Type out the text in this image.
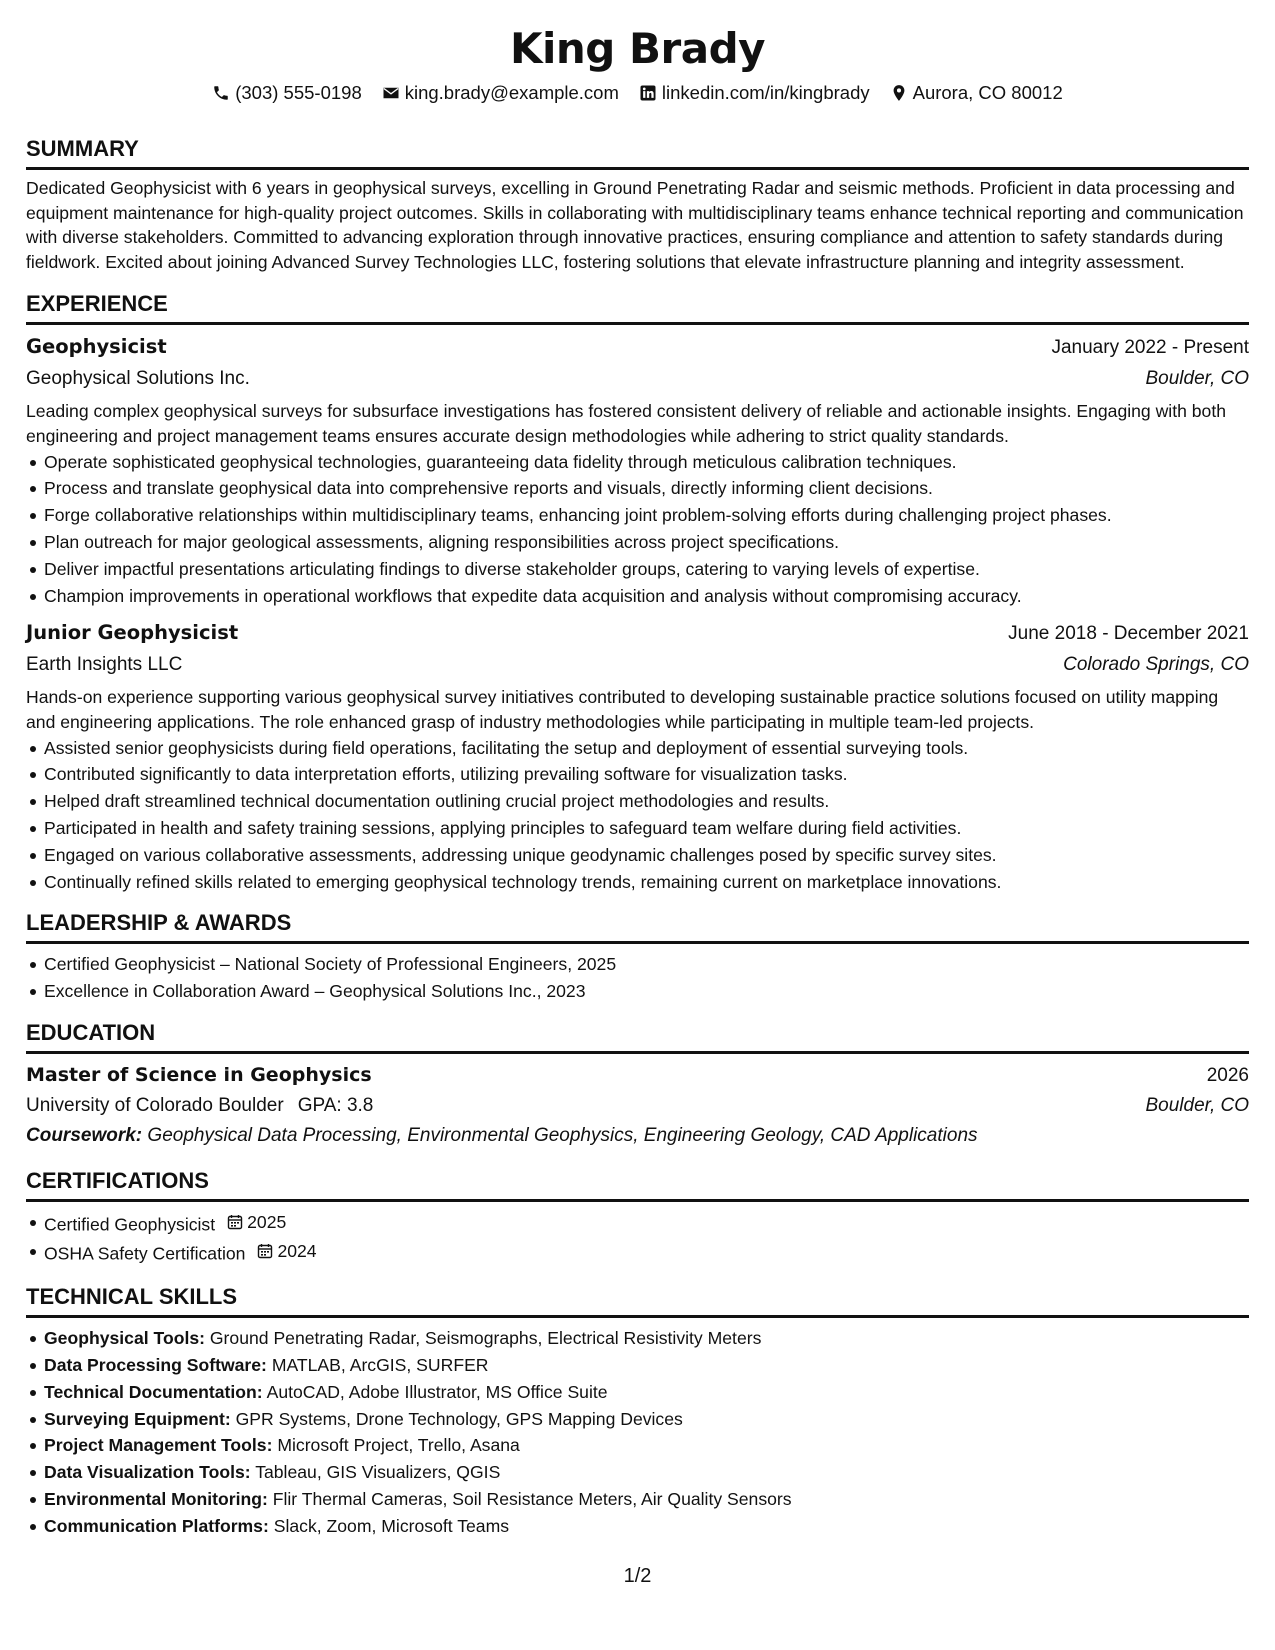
King Brady
(303) 555-0198 king.brady@example.com linkedin.com/in/kingbrady Aurora, CO 80012
SUMMARY
Dedicated Geophysicist with 6 years in geophysical surveys, excelling in Ground Penetrating Radar and seismic methods. Proficient in data processing and equipment maintenance for high-quality project outcomes. Skills in collaborating with multidisciplinary teams enhance technical reporting and communication with diverse stakeholders. Committed to advancing exploration through innovative practices, ensuring compliance and attention to safety standards during fieldwork. Excited about joining Advanced Survey Technologies LLC, fostering solutions that elevate infrastructure planning and integrity assessment.
EXPERIENCE
Geophysicist	January 2022 - Present
Geophysical Solutions Inc.	Boulder, CO
Leading complex geophysical surveys for subsurface investigations has fostered consistent delivery of reliable and actionable insights. Engaging with both engineering and project management teams ensures accurate design methodologies while adhering to strict quality standards.
Operate sophisticated geophysical technologies, guaranteeing data fidelity through meticulous calibration techniques.
Process and translate geophysical data into comprehensive reports and visuals, directly informing client decisions.
Forge collaborative relationships within multidisciplinary teams, enhancing joint problem-solving efforts during challenging project phases.
Plan outreach for major geological assessments, aligning responsibilities across project specifications.
Deliver impactful presentations articulating findings to diverse stakeholder groups, catering to varying levels of expertise.
Champion improvements in operational workflows that expedite data acquisition and analysis without compromising accuracy.
Junior Geophysicist	June 2018 - December 2021
Earth Insights LLC	Colorado Springs, CO
Hands-on experience supporting various geophysical survey initiatives contributed to developing sustainable practice solutions focused on utility mapping and engineering applications. The role enhanced grasp of industry methodologies while participating in multiple team-led projects.
Assisted senior geophysicists during field operations, facilitating the setup and deployment of essential surveying tools.
Contributed significantly to data interpretation efforts, utilizing prevailing software for visualization tasks.
Helped draft streamlined technical documentation outlining crucial project methodologies and results.
Participated in health and safety training sessions, applying principles to safeguard team welfare during field activities.
Engaged on various collaborative assessments, addressing unique geodynamic challenges posed by specific survey sites.
Continually refined skills related to emerging geophysical technology trends, remaining current on marketplace innovations.
LEADERSHIP & AWARDS
Certified Geophysicist – National Society of Professional Engineers, 2025
Excellence in Collaboration Award – Geophysical Solutions Inc., 2023
EDUCATION
Master of Science in Geophysics	2026
University of Colorado Boulder GPA: 3.8	Boulder, CO
Coursework: Geophysical Data Processing, Environmental Geophysics, Engineering Geology, CAD Applications
CERTIFICATIONS
Certified Geophysicist 2025
OSHA Safety Certification 2024
TECHNICAL SKILLS
Geophysical Tools: Ground Penetrating Radar, Seismographs, Electrical Resistivity Meters
Data Processing Software: MATLAB, ArcGIS, SURFER
Technical Documentation: AutoCAD, Adobe Illustrator, MS Office Suite
Surveying Equipment: GPR Systems, Drone Technology, GPS Mapping Devices
Project Management Tools: Microsoft Project, Trello, Asana
Data Visualization Tools: Tableau, GIS Visualizers, QGIS
Environmental Monitoring: Flir Thermal Cameras, Soil Resistance Meters, Air Quality Sensors
Communication Platforms: Slack, Zoom, Microsoft Teams
1/2
